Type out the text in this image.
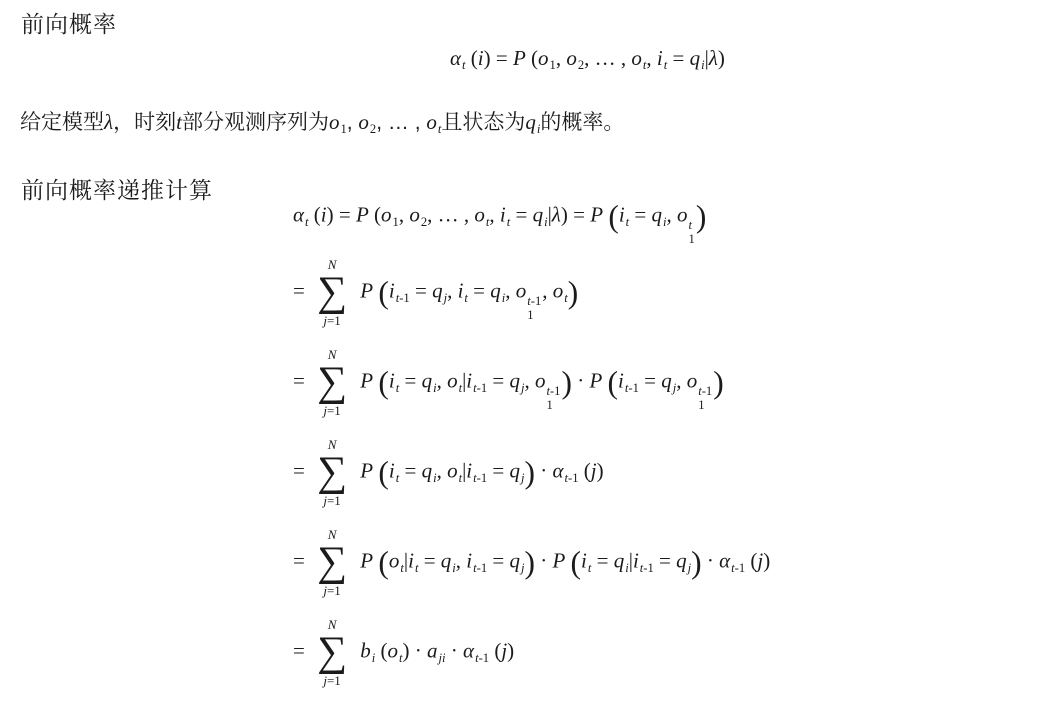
前向概率
$\alpha_t$ (i) = P ($o_1$, $o_2$, … , $o_t$, $i_t = q_i|\lambda$)
给定模型λ，时刻t部分观测序列为$o_1$, $o_2$, … , $o_t$且状态为$q_i$的概率。
前向概率递推计算
$\alpha_t$ (i) = P ($o_1$, $o_2$, … , $o_t$, $i_t = q_i|\lambda) = P$ ($i_t = q_i$, o t
1
)
=
N
∑
j=1
P ($i_{t-1} = q_j$, $i_t = q_i$, o t-1
1
, $o_t$)
=
N
∑
j=1
P ($i_t = q_i$, $o_t|i_{t-1} = q_j$, o t-1
1
) · P ($i_{t-1} = q_j$, o t-1
1
)
=
N
∑
j=1
P ($i_t = q_i$, $o_t|i_{t-1} = q_j) \cdot \alpha_{t-1}$ (j)
=
N
∑
j=1
P ($o_t|i_t = q_i$, $i_{t-1} = q_j) \cdot P$ $(i_t = q_i|i_{t-1} = q_j) \cdot \alpha_{t-1}$ (j)
=
N
∑
j=1
$b_i$ $(o_t) \cdot a_{ji} \cdot \alpha_{t-1}$ (j)
